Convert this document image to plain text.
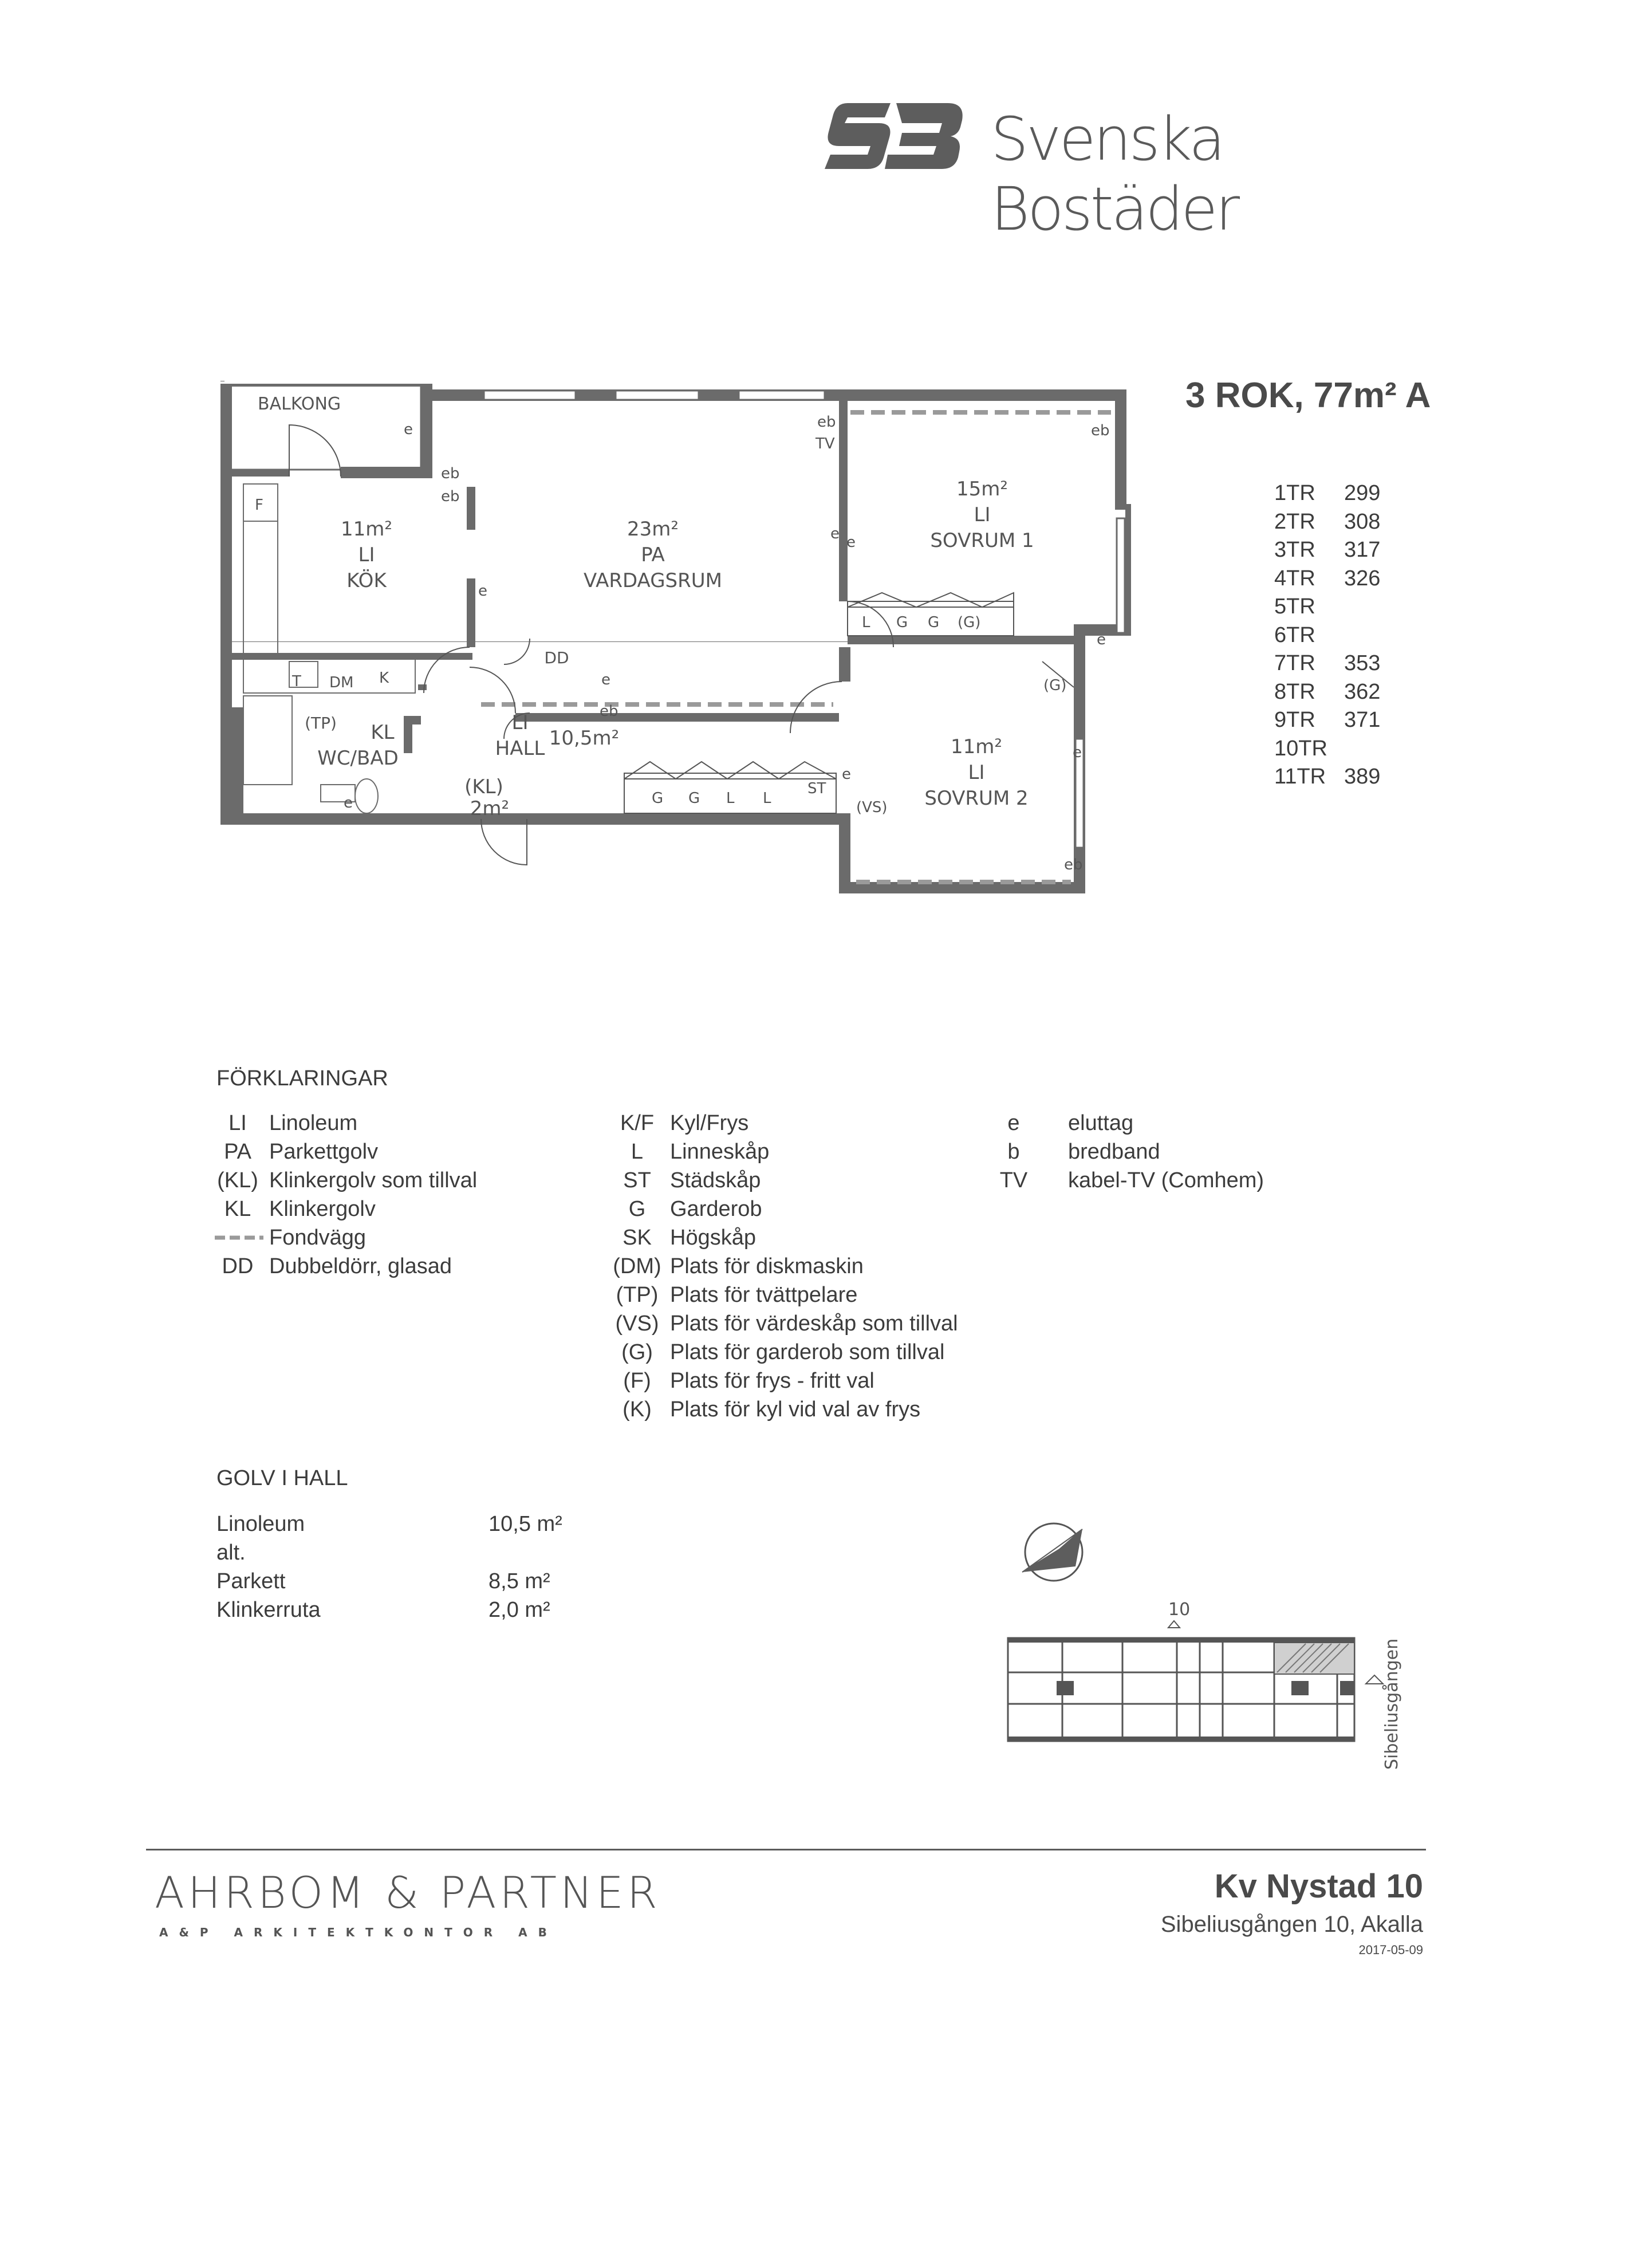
Svenska Bostäder
3 ROK, 77m² A
1TR	299
2TR	308
3TR	317
4TR	326
5TR
6TR
7TR	353
8TR	362
9TR	371
10TR
11TR 389
BALKONG
11m²
LI
KÖK
23m²
PA
VARDAGSRUM
15m²
LI
SOVRUM 1
11m²
LI
SOVRUM 2
(TP) KL
WC/BAD
LI
HALL 10,5m²
DD
(KL)
2m²
e
eb
eb
eb
TV
eb
e e
e
e
e
eb
e
e
eb
e
F
K
T DM
L G G (G)
(G)
G G L L
ST
(VS)
FÖRKLARINGAR
LI	Linoleum
PA Parkettgolv
(KL) Klinkergolv som tillval
KL Klinkergolv
Fondvägg
DD Dubbeldörr, glasad
K/F Kyl/Frys
L	Linneskåp
ST Städskåp
G	Garderob
SK Högskåp
(DM) Plats för diskmaskin
(TP) Plats för tvättpelare
(VS) Plats för värdeskåp som tillval
(G) Plats för garderob som tillval
(F) Plats för frys - fritt val
(K) Plats för kyl vid val av frys
e	eluttag
b	bredband
TV	kabel-TV (Comhem)
GOLV I HALL
Linoleum	10,5 m²
alt.
Parkett	8,5 m²
Klinkerruta	2,0 m²	10
Sibeliusgången
AHRBOM & PARTNER
A&P ARKITEKTKONTOR AB
Kv Nystad 10
Sibeliusgången 10, Akalla
2017-05-09
